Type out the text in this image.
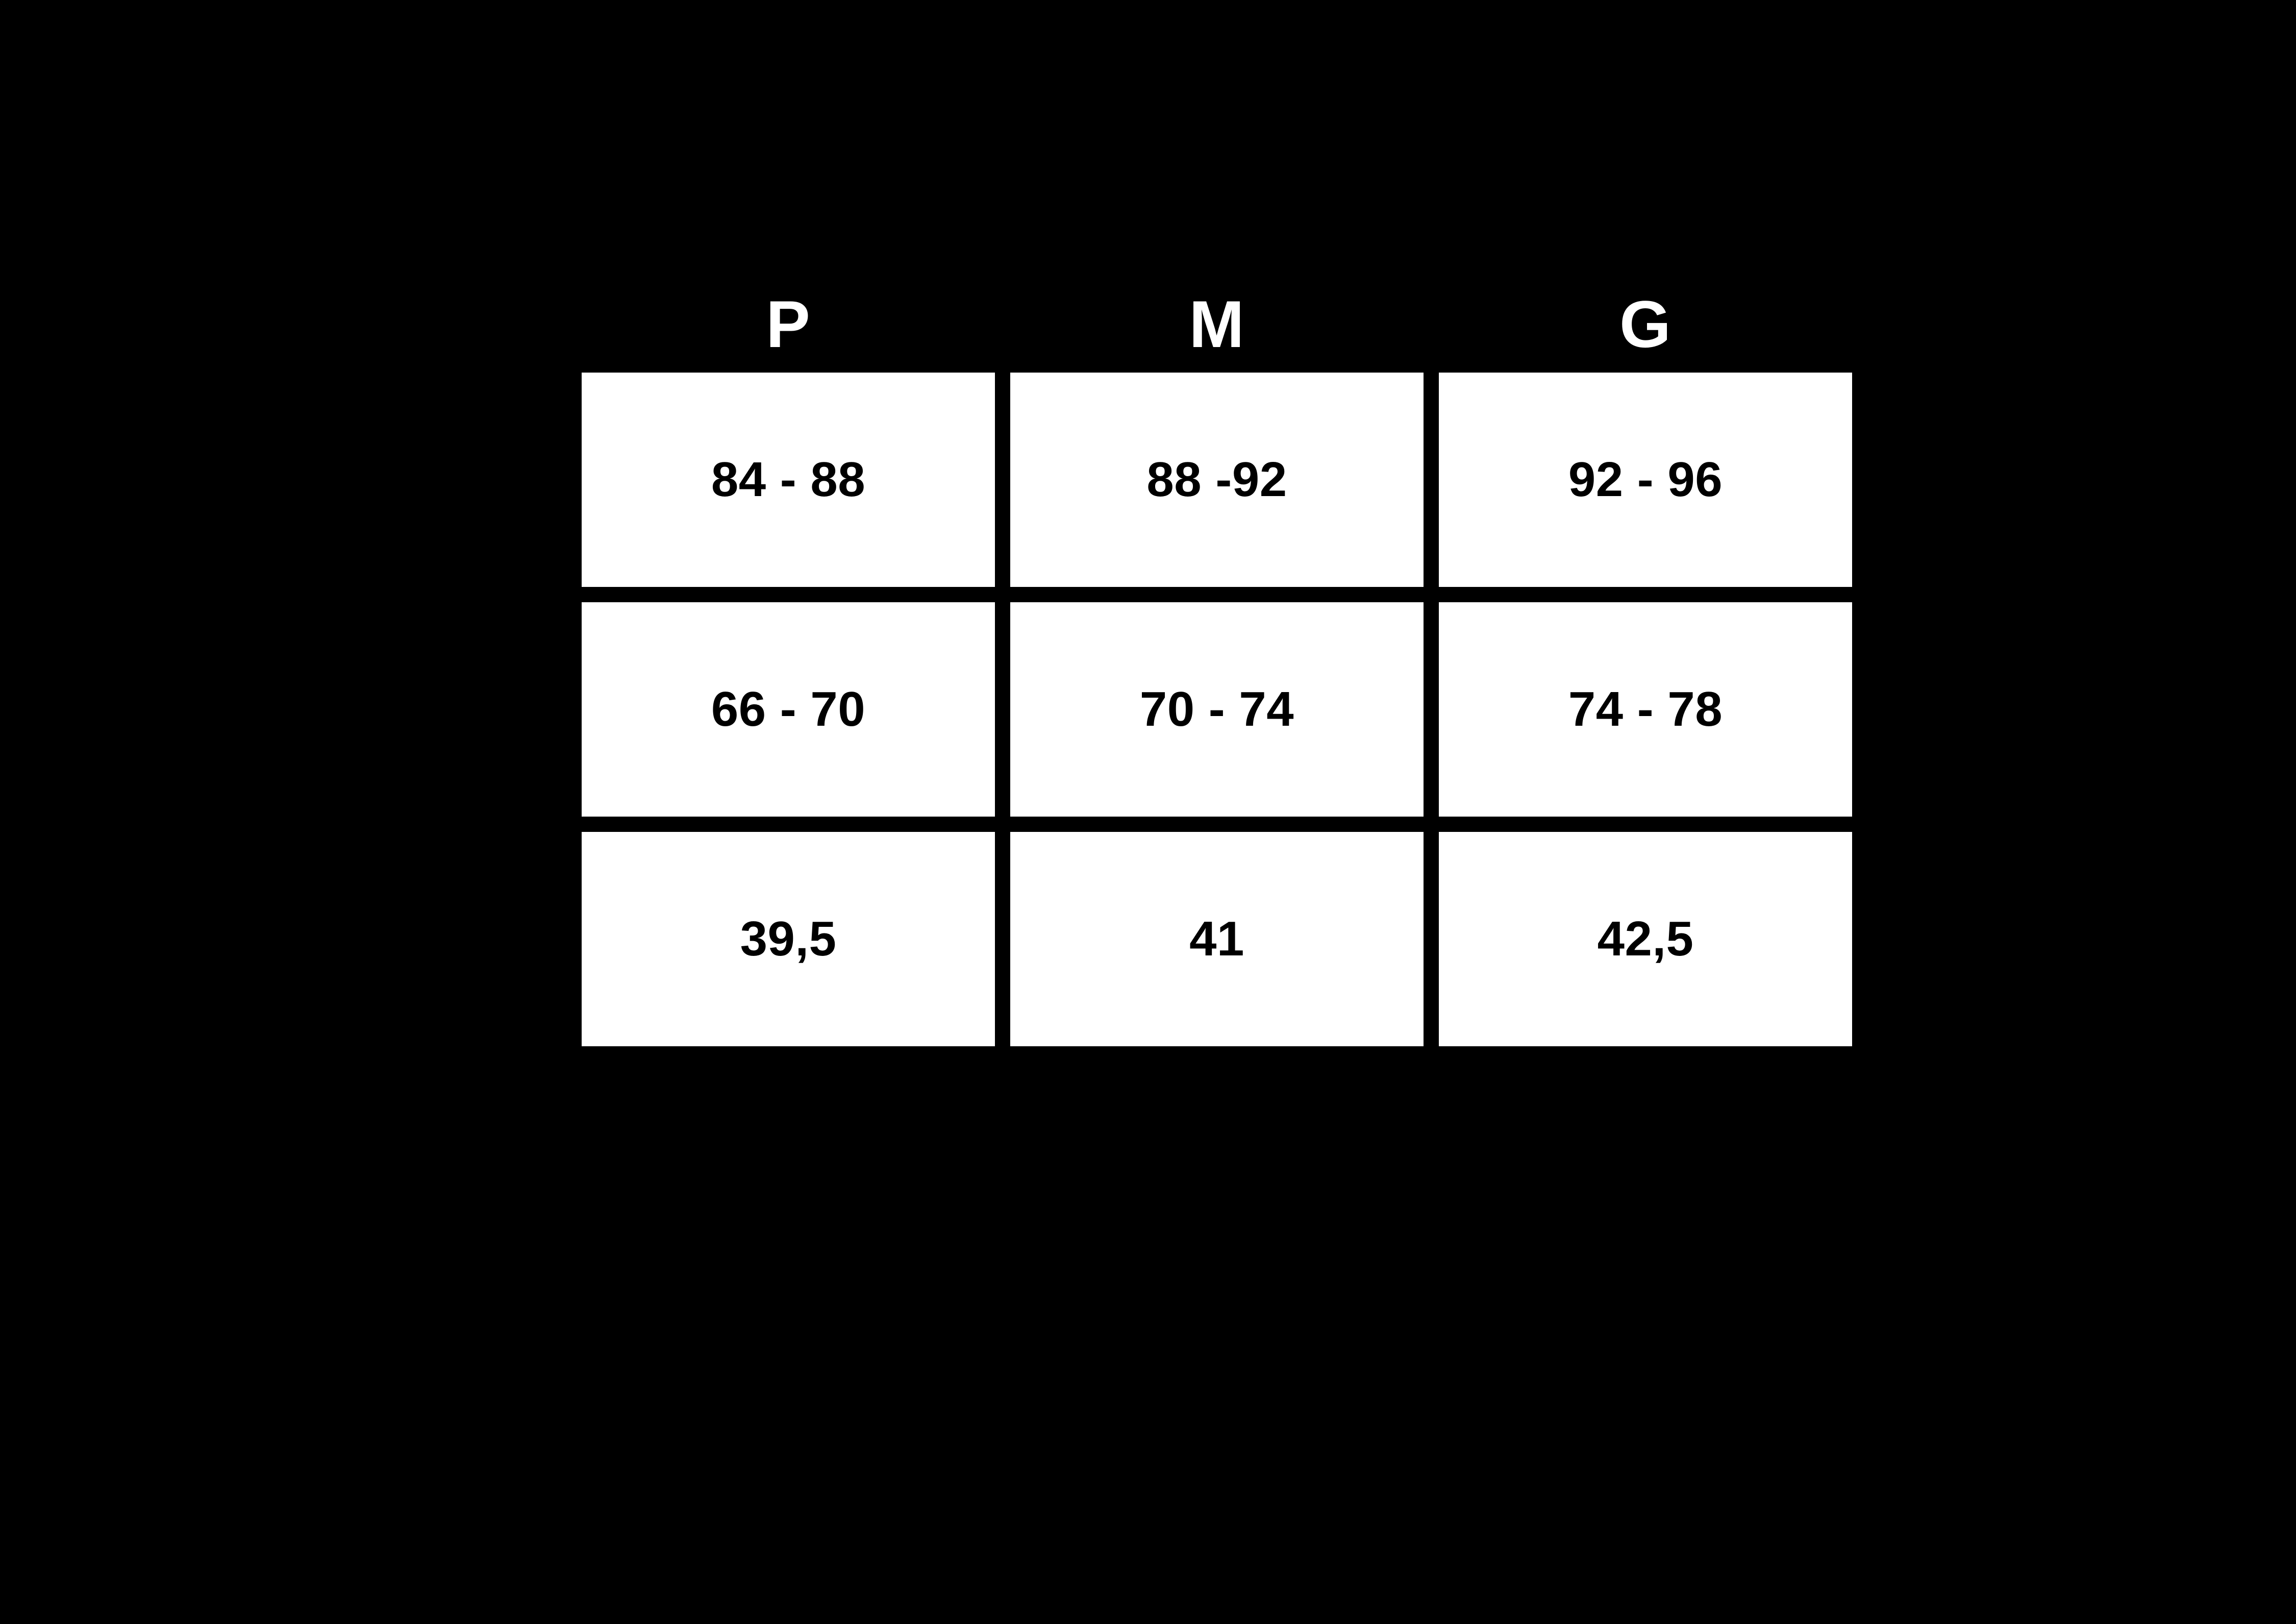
P	M	G
84 - 88	88 -92	92 - 96
66 - 70	70 - 74	74 - 78
39,5	41	42,5
